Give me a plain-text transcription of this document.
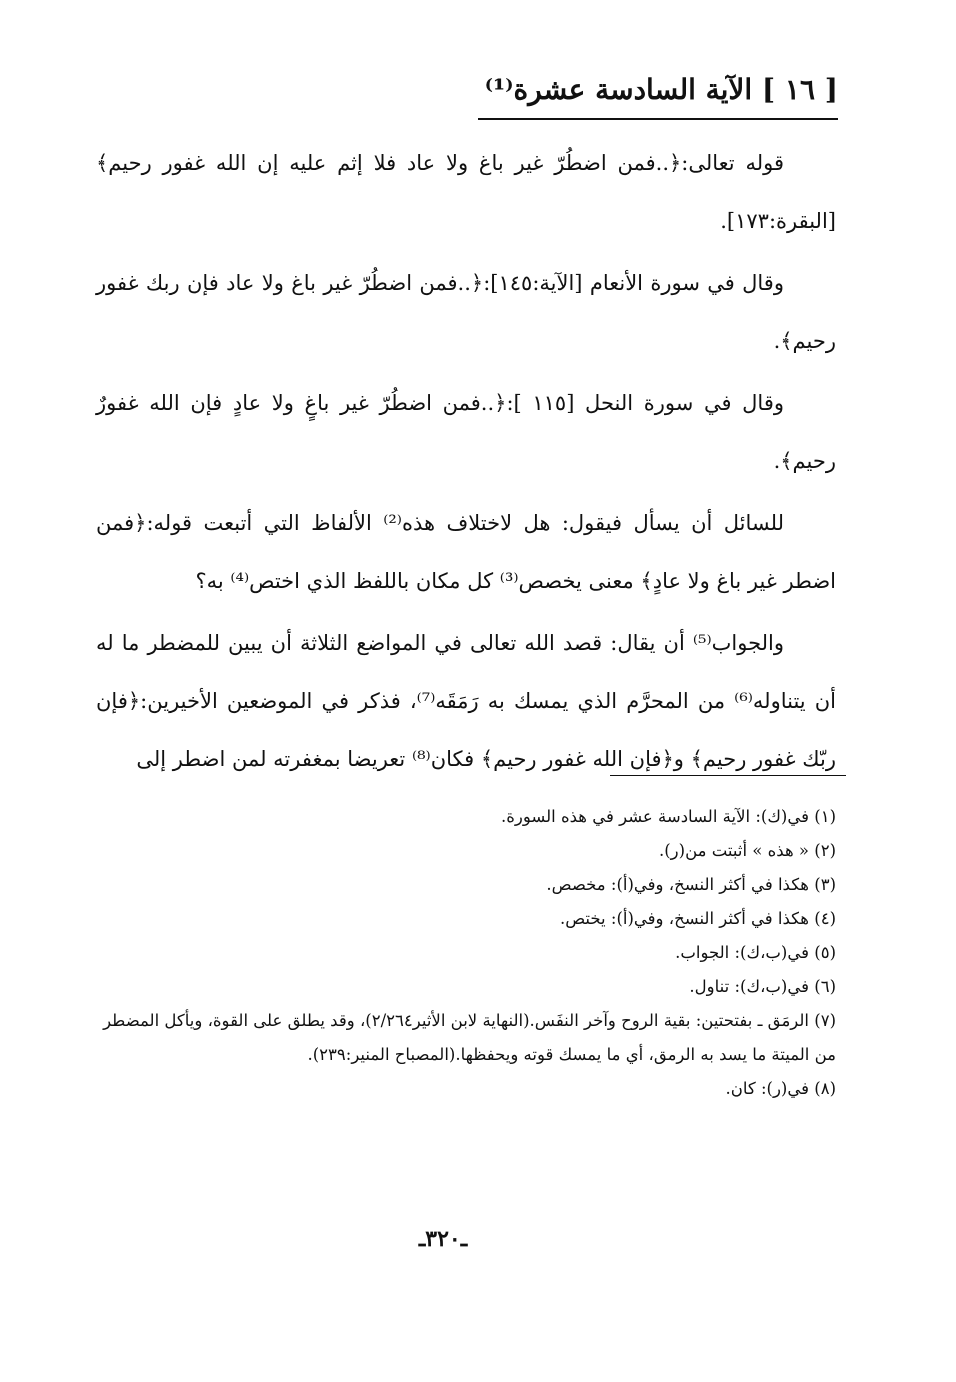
[ ١٦ ] الآية السادسة عشرة⁽¹⁾

قوله تعالى:﴿..فمن اضطُرّ غير باغ ولا عاد فلا إثم عليه إن الله غفور رحيم﴾[البقرة:١٧٣].

وقال في سورة الأنعام [الآية:١٤٥]:﴿..فمن اضطُرّ غير باغ ولا عاد فإن ربك غفور رحيم﴾.

وقال في سورة النحل [١١٥ ]:﴿..فمن اضطُرّ غير باغٍ ولا عادٍ فإن الله غفورٌ رحيم﴾.

للسائل أن يسأل فيقول: هل لاختلاف هذه⁽²⁾ الألفاظ التي أتبعت قوله:﴿فمن اضطر غير باغ ولا عادٍ﴾ معنى يخصص⁽³⁾ كل مكان باللفظ الذي اختص⁽⁴⁾ به؟

والجواب⁽⁵⁾ أن يقال: قصد الله تعالى في المواضع الثلاثة أن يبين للمضطر ما له أن يتناوله⁽⁶⁾ من المحرَّم الذي يمسك به رَمَقَه⁽⁷⁾، فذكر في الموضعين الأخيرين:﴿فإن ربّك غفور رحيم﴾ و﴿فإن الله غفور رحيم﴾ فكان⁽⁸⁾ تعريضا بمغفرته لمن اضطر إلى

(١) في(ك): الآية السادسة عشر في هذه السورة.

(٢) « هذه » أثبتت من(ر).

(٣) هكذا في أكثر النسخ، وفي(أ): مخصص.

(٤) هكذا في أكثر النسخ، وفي(أ): يختص.

(٥) في(ب،ك): الجواب.

(٦) في(ب،ك): تناول.

(٧) الرمَق ـ بفتحتين: بقية الروح وآخر النفَس.(النهاية لابن الأثير٢/٢٦٤)، وقد يطلق على القوة، ويأكل المضطر من الميتة ما يسد به الرمق، أي ما يمسك قوته ويحفظها.(المصباح المنير:٢٣٩).

(٨) في(ر): كان.

ـ٣٢٠ـ
